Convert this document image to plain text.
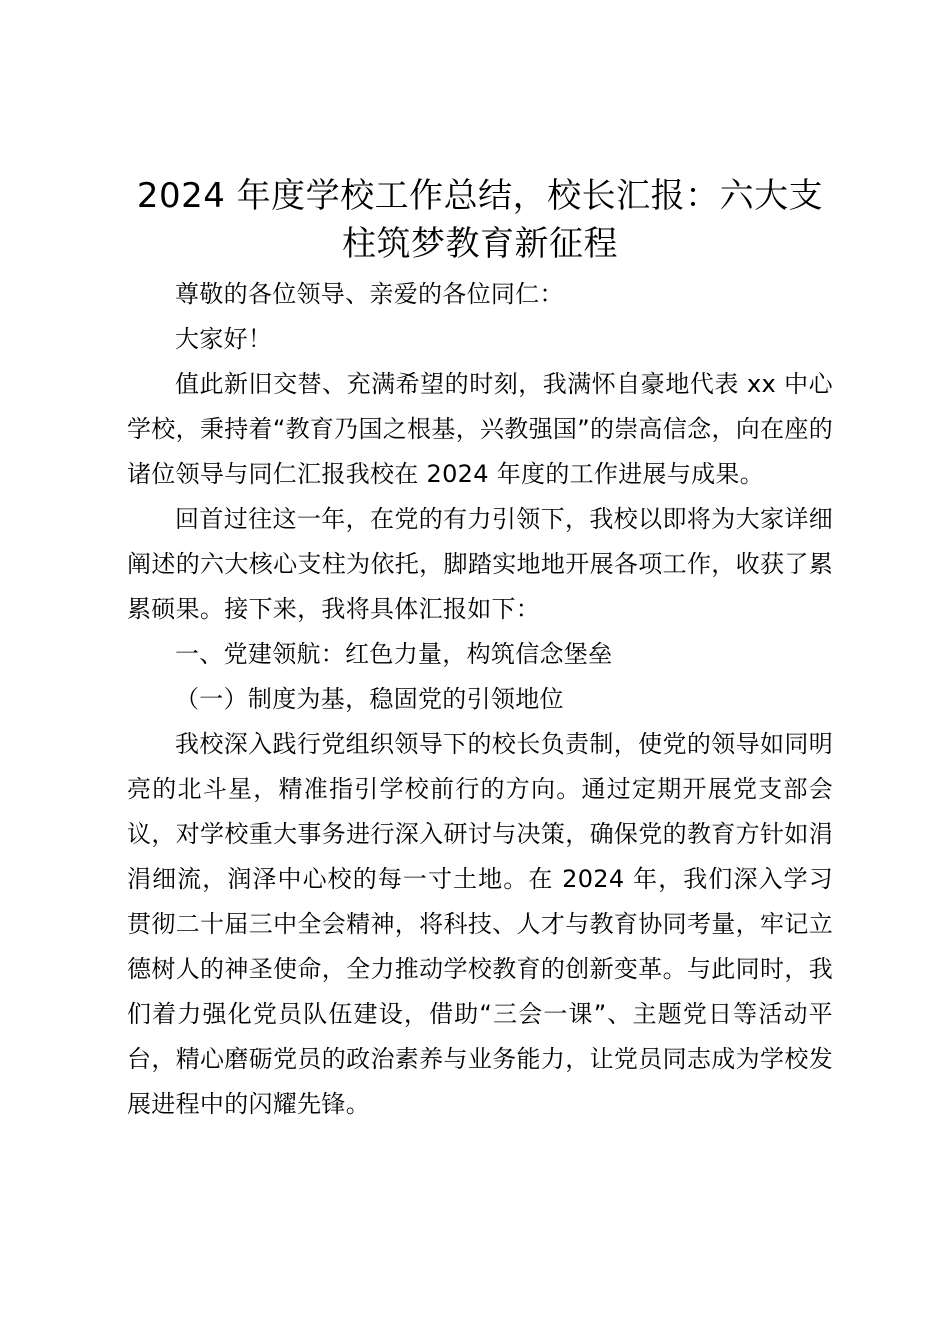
2024 年度学校工作总结，校长汇报：六大支
柱筑梦教育新征程

尊敬的各位领导、亲爱的各位同仁：

大家好！

值此新旧交替、充满希望的时刻，我满怀自豪地代表 xx 中心学校，秉持着“教育乃国之根基，兴教强国”的崇高信念，向在座的诸位领导与同仁汇报我校在 2024 年度的工作进展与成果。

回首过往这一年，在党的有力引领下，我校以即将为大家详细阐述的六大核心支柱为依托，脚踏实地地开展各项工作，收获了累累硕果。接下来，我将具体汇报如下：

一、党建领航：红色力量，构筑信念堡垒

（一）制度为基，稳固党的引领地位

我校深入践行党组织领导下的校长负责制，使党的领导如同明亮的北斗星，精准指引学校前行的方向。通过定期开展党支部会议，对学校重大事务进行深入研讨与决策，确保党的教育方针如涓涓细流，润泽中心校的每一寸土地。在 2024 年，我们深入学习贯彻二十届三中全会精神，将科技、人才与教育协同考量，牢记立德树人的神圣使命，全力推动学校教育的创新变革。与此同时，我们着力强化党员队伍建设，借助“三会一课”、主题党日等活动平台，精心磨砺党员的政治素养与业务能力，让党员同志成为学校发展进程中的闪耀先锋。
